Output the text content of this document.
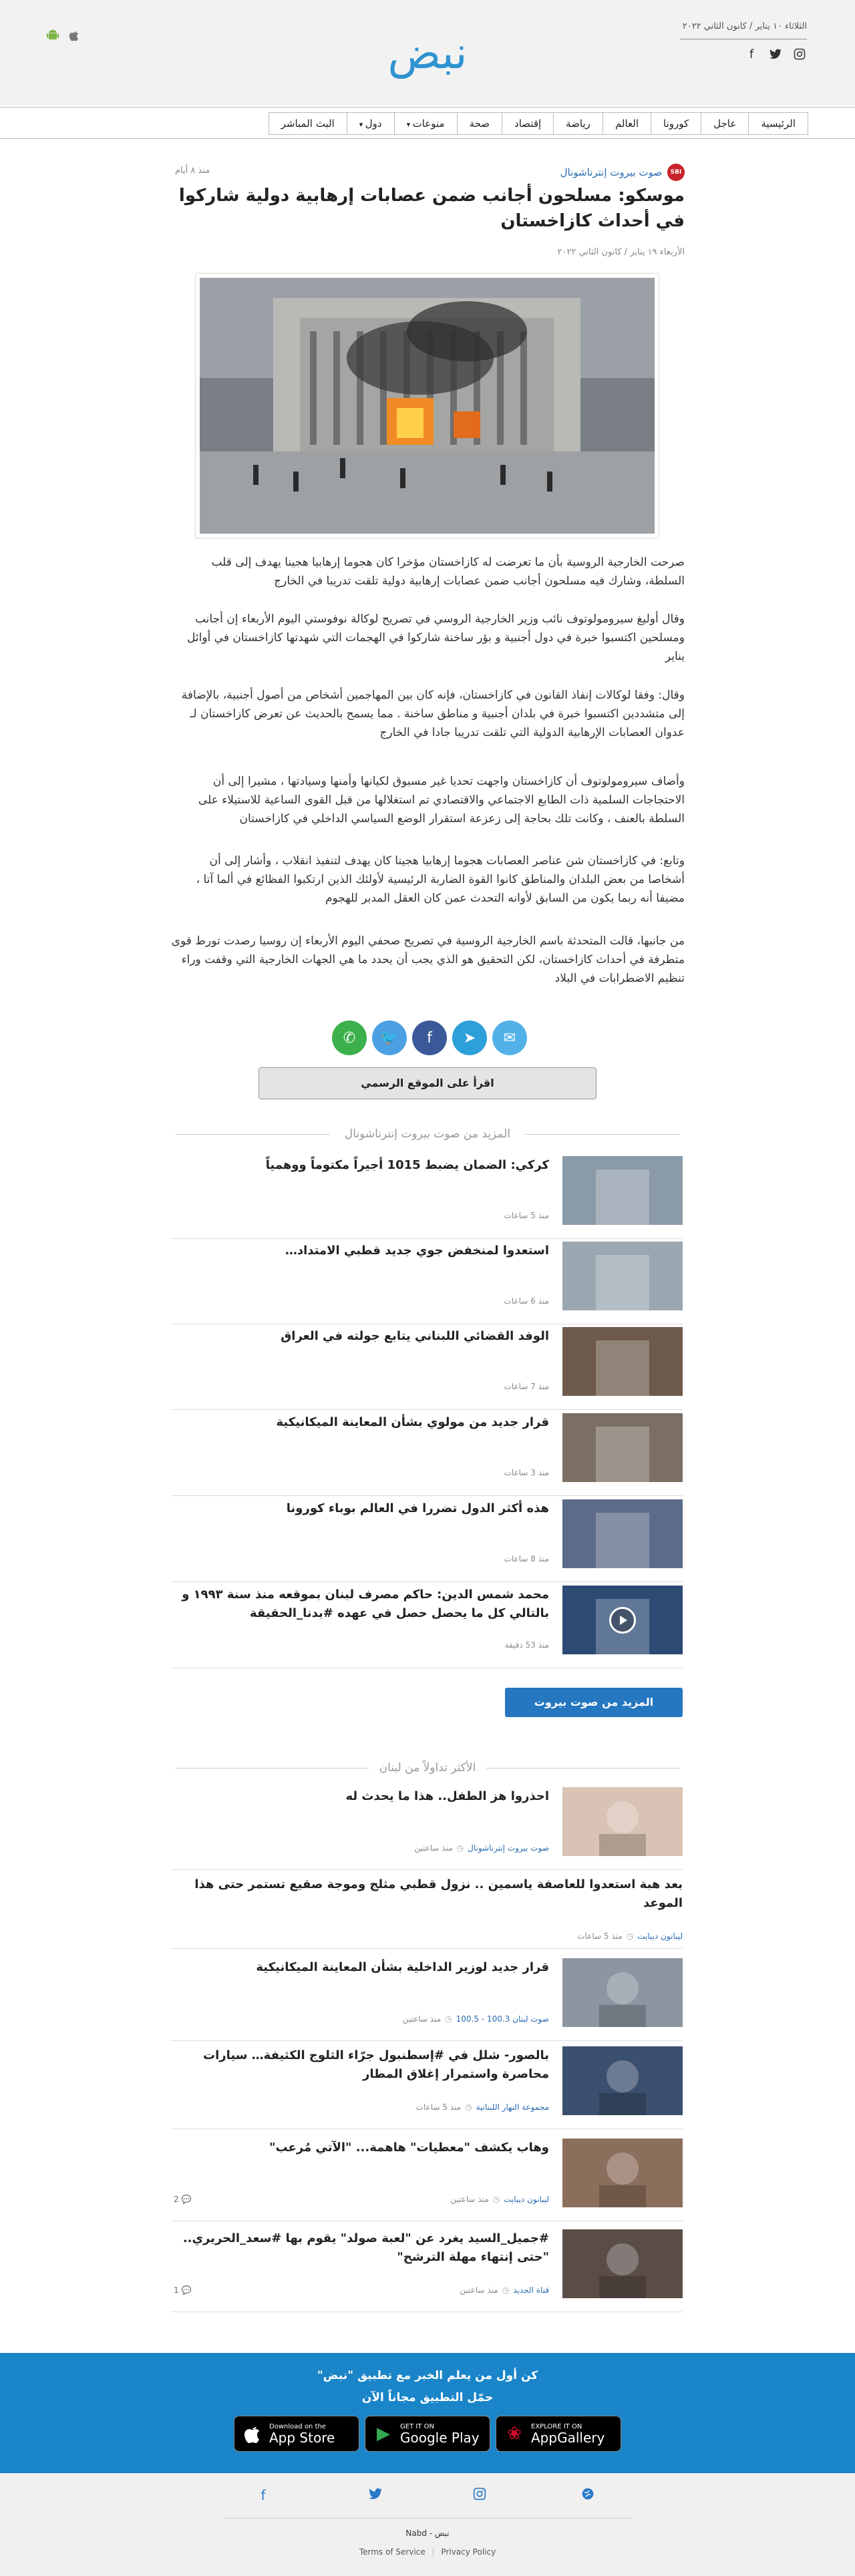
الثلاثاء ١٠ يناير / كانون الثاني ٢٠٢٢
f
نبض
الرئيسية
عاجل
كورونا
العالم
رياضة
إقتصاد
صحة
منوعات ▾
دول ▾
البث المباشر
SBI
صوت بيروت إنترناشونال
منذ ٨ أيام
موسكو: مسلحون أجانب ضمن عصابات إرهابية دولية شاركوا في أحداث كازاخستان
الأربعاء ١٩ يناير / كانون الثاني ٢٠٢٢

صرحت الخارجية الروسية بأن ما تعرضت له كازاخستان مؤخرا كان هجوما إرهابيا هجينا يهدف إلى قلب السلطة، وشارك فيه مسلحون أجانب ضمن عصابات إرهابية دولية تلقت تدريبا في الخارج

وقال أوليغ سيرومولوتوف نائب وزير الخارجية الروسي في تصريح لوكالة نوفوستي اليوم الأربعاء إن أجانب ومسلحين اكتسبوا خبرة في دول أجنبية و بؤر ساخنة شاركوا في الهجمات التي شهدتها كازاخستان في أوائل يناير

وقال: وفقا لوكالات إنفاذ القانون في كازاخستان، فإنه كان بين المهاجمين أشخاص من أصول أجنبية، بالإضافة إلى متشددين اكتسبوا خبرة في بلدان أجنبية و مناطق ساخنة . مما يسمح بالحديث عن تعرض كازاخستان لـ عدوان العصابات الإرهابية الدولية التي تلقت تدريبا جادا في الخارج

وأضاف سيرومولوتوف أن كازاخستان واجهت تحديا غير مسبوق لكيانها وأمنها وسيادتها ، مشيرا إلى أن الاحتجاجات السلمية ذات الطابع الاجتماعي والاقتصادي تم استغلالها من قبل القوى الساعية للاستيلاء على السلطة بالعنف ، وكانت تلك بحاجة إلى زعزعة استقرار الوضع السياسي الداخلي في كازاخستان

وتابع: في كازاخستان شن عناصر العصابات هجوما إرهابيا هجينا كان يهدف لتنفيذ انقلاب ، وأشار إلى أن أشخاصا من بعض البلدان والمناطق كانوا القوة الضاربة الرئيسية لأولئك الذين ارتكبوا الفظائع في ألما آتا ، مضيفا أنه ربما يكون من السابق لأوانه التحدث عمن كان العقل المدبر للهجوم

من جانبها، قالت المتحدثة باسم الخارجية الروسية في تصريح صحفي اليوم الأربعاء إن روسيا رصدت تورط قوى متطرفة في أحداث كازاخستان، لكن التحقيق هو الذي يجب أن يحدد ما هي الجهات الخارجية التي وقفت وراء تنظيم الاضطرابات في البلاد

✉
➤
f
🐦
✆
اقرأ على الموقع الرسمي
المزيد من صوت بيروت إنترناشونال
كركي: الضمان يضبط 1015 أجيراً مكتوماً ووهمياً
منذ 5 ساعات
استعدوا لمنخفض جوي جديد قطبي الامتداد…
منذ 6 ساعات
الوفد القضائي اللبناني يتابع جولته في العراق
منذ 7 ساعات
قرار جديد من مولوي بشأن المعاينة الميكانيكية
منذ 3 ساعات
هذه أكثر الدول تضررا في العالم بوباء كورونا
منذ 8 ساعات
محمد شمس الدين: حاكم مصرف لبنان بموقعه منذ سنة ١٩٩٣ و بالتالي كل ما يحصل حصل في عهده #بدنا_الحقيقة
منذ 53 دقيقة
المزيد من صوت بيروت إنترناشونال
الأكثر تداولاً من لبنان
احذروا هز الطفل.. هذا ما يحدث له
صوت بيروت إنترناشونال◷منذ ساعتين
بعد هبة استعدوا للعاصفة ياسمين .. نزول قطبي مثلج وموجة صقيع تستمر حتى هذا الموعد
ليبانون ديبايت◷منذ 5 ساعات
قرار جديد لوزير الداخلية بشأن المعاينة الميكانيكية
صوت لبنان 100.3 - 100.5◷منذ ساعتين
بالصور- شلل في #إسطنبول جرّاء الثلوج الكثيفة… سيارات محاصرة واستمرار إغلاق المطار
مجموعة النهار اللبنانية◷منذ 5 ساعات
وهاب يكشف "معطيات" هاهمة... "الآتي مُرعب"
ليبانون ديبايت◷منذ ساعتين
💬 2
#جميل_السيد يغرد عن "لعبة صولد" يقوم بها #سعد_الحريري.. "حتى إنتهاء مهلة الترشح"
قناة الجديد◷منذ ساعتين
💬 1
كن أول من يعلم الخبر مع تطبيق "نبض"
حمّل التطبيق مجاناً الآن
❀	EXPLORE IT ON
AppGallery
▶	GET IT ON
Google Play
Download on the
App Store
f
Nabd - نبض
Terms of Service | Privacy Policy
